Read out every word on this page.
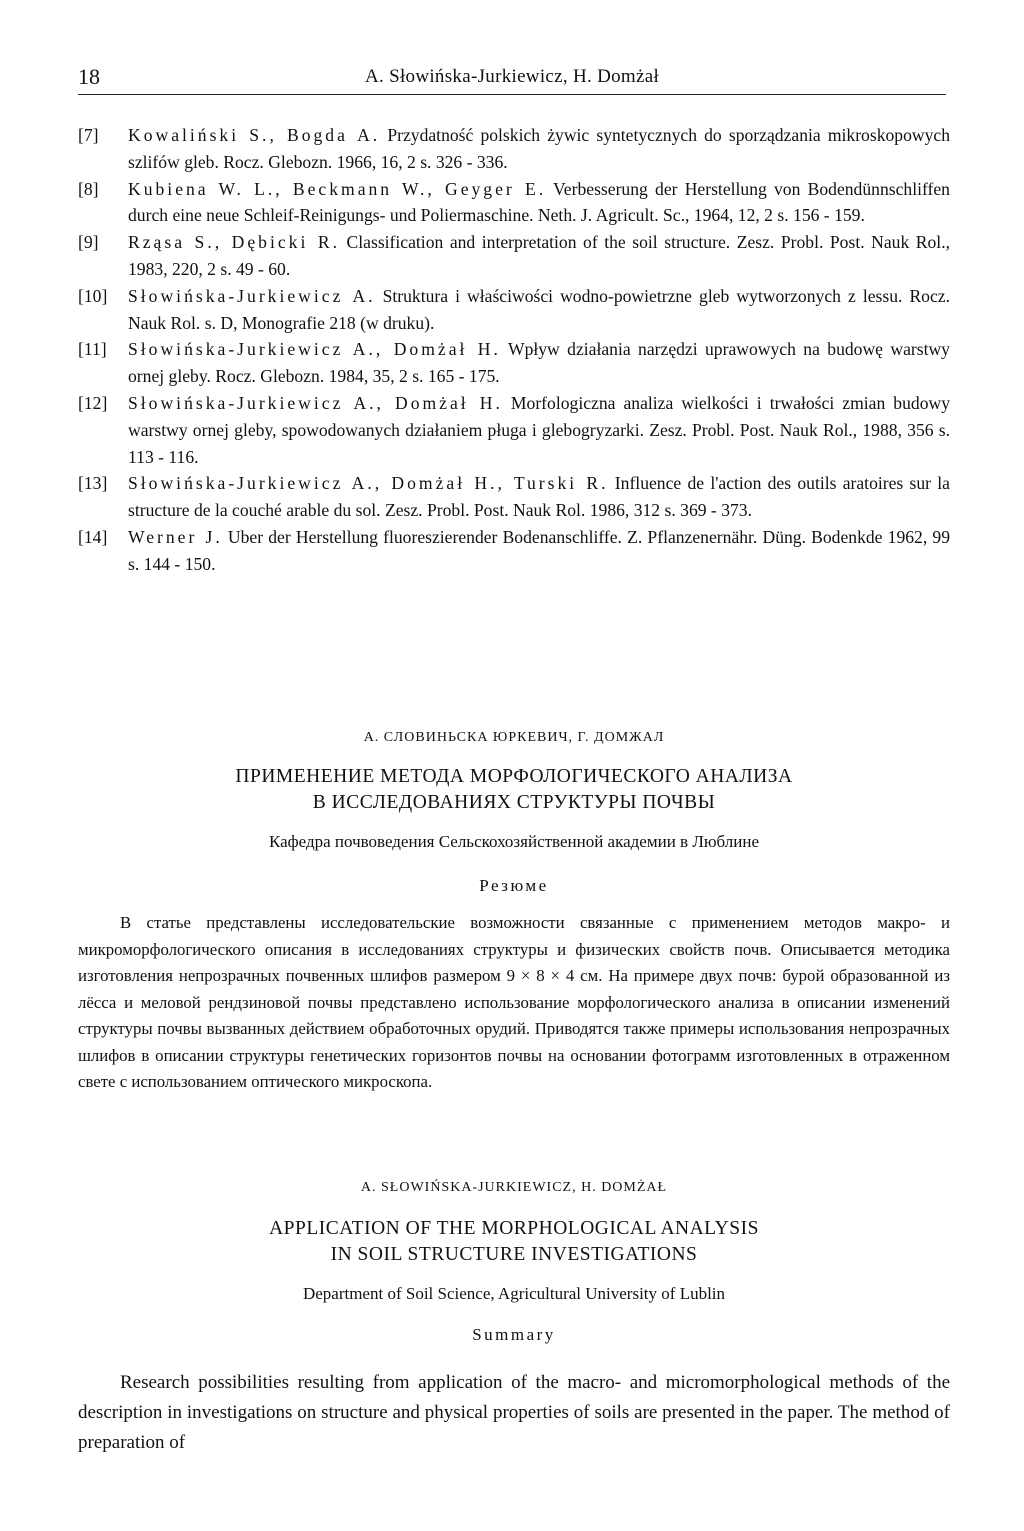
18	A. Słowińska-Jurkiewicz, H. Domżał
[7] Kowaliński S., Bogda A. Przydatność polskich żywic syntetycznych do sporządzania mikroskopowych szlifów gleb. Rocz. Glebozn. 1966, 16, 2 s. 326 - 336.
[8] Kubiena W. L., Beckmann W., Geyger E. Verbesserung der Herstellung von Bodendünnschliffen durch eine neue Schleif-Reinigungs- und Poliermaschine. Neth. J. Agricult. Sc., 1964, 12, 2 s. 156 - 159.
[9] Rząsa S., Dębicki R. Classification and interpretation of the soil structure. Zesz. Probl. Post. Nauk Rol., 1983, 220, 2 s. 49 - 60.
[10] Słowińska-Jurkiewicz A. Struktura i właściwości wodno-powietrzne gleb wytworzonych z lessu. Rocz. Nauk Rol. s. D, Monografie 218 (w druku).
[11] Słowińska-Jurkiewicz A., Domżał H. Wpływ działania narzędzi uprawowych na budowę warstwy ornej gleby. Rocz. Glebozn. 1984, 35, 2 s. 165 - 175.
[12] Słowińska-Jurkiewicz A., Domżał H. Morfologiczna analiza wielkości i trwałości zmian budowy warstwy ornej gleby, spowodowanych działaniem pługa i glebogryzarki. Zesz. Probl. Post. Nauk Rol., 1988, 356 s. 113 - 116.
[13] Słowińska-Jurkiewicz A., Domżał H., Turski R. Influence de l'action des outils aratoires sur la structure de la couché arable du sol. Zesz. Probl. Post. Nauk Rol. 1986, 312 s. 369 - 373.
[14] Werner J. Uber der Herstellung fluoreszierender Bodenanschliffe. Z. Pflanzenernähr. Düng. Bodenkde 1962, 99 s. 144 - 150.
А. СЛОВИНЬСКА ЮРКЕВИЧ, Г. ДОМЖАЛ
ПРИМЕНЕНИЕ МЕТОДА МОРФОЛОГИЧЕСКОГО АНАЛИЗА
В ИССЛЕДОВАНИЯХ СТРУКТУРЫ ПОЧВЫ
Кафедра почвоведения Сельскохозяйственной академии в Люблине
Резюме
В статье представлены исследовательские возможности связанные с применением методов макро- и микроморфологического описания в исследованиях структуры и физических свойств почв. Описывается методика изготовления непрозрачных почвенных шлифов размером 9 × 8 × 4 см. На примере двух почв: бурой образованной из лёсса и меловой рендзиновой почвы представлено использование морфологического анализа в описании изменений структуры почвы вызванных действием обработочных орудий. Приводятся также примеры использования непрозрачных шлифов в описании структуры генетических горизонтов почвы на основании фотограмм изготовленных в отраженном свете с использованием оптического микроскопа.
A. SŁOWIŃSKA-JURKIEWICZ, H. DOMŻAŁ
APPLICATION OF THE MORPHOLOGICAL ANALYSIS
IN SOIL STRUCTURE INVESTIGATIONS
Department of Soil Science, Agricultural University of Lublin
Summary
Research possibilities resulting from application of the macro- and micromorphological methods of the description in investigations on structure and physical properties of soils are presented in the paper. The method of preparation of
